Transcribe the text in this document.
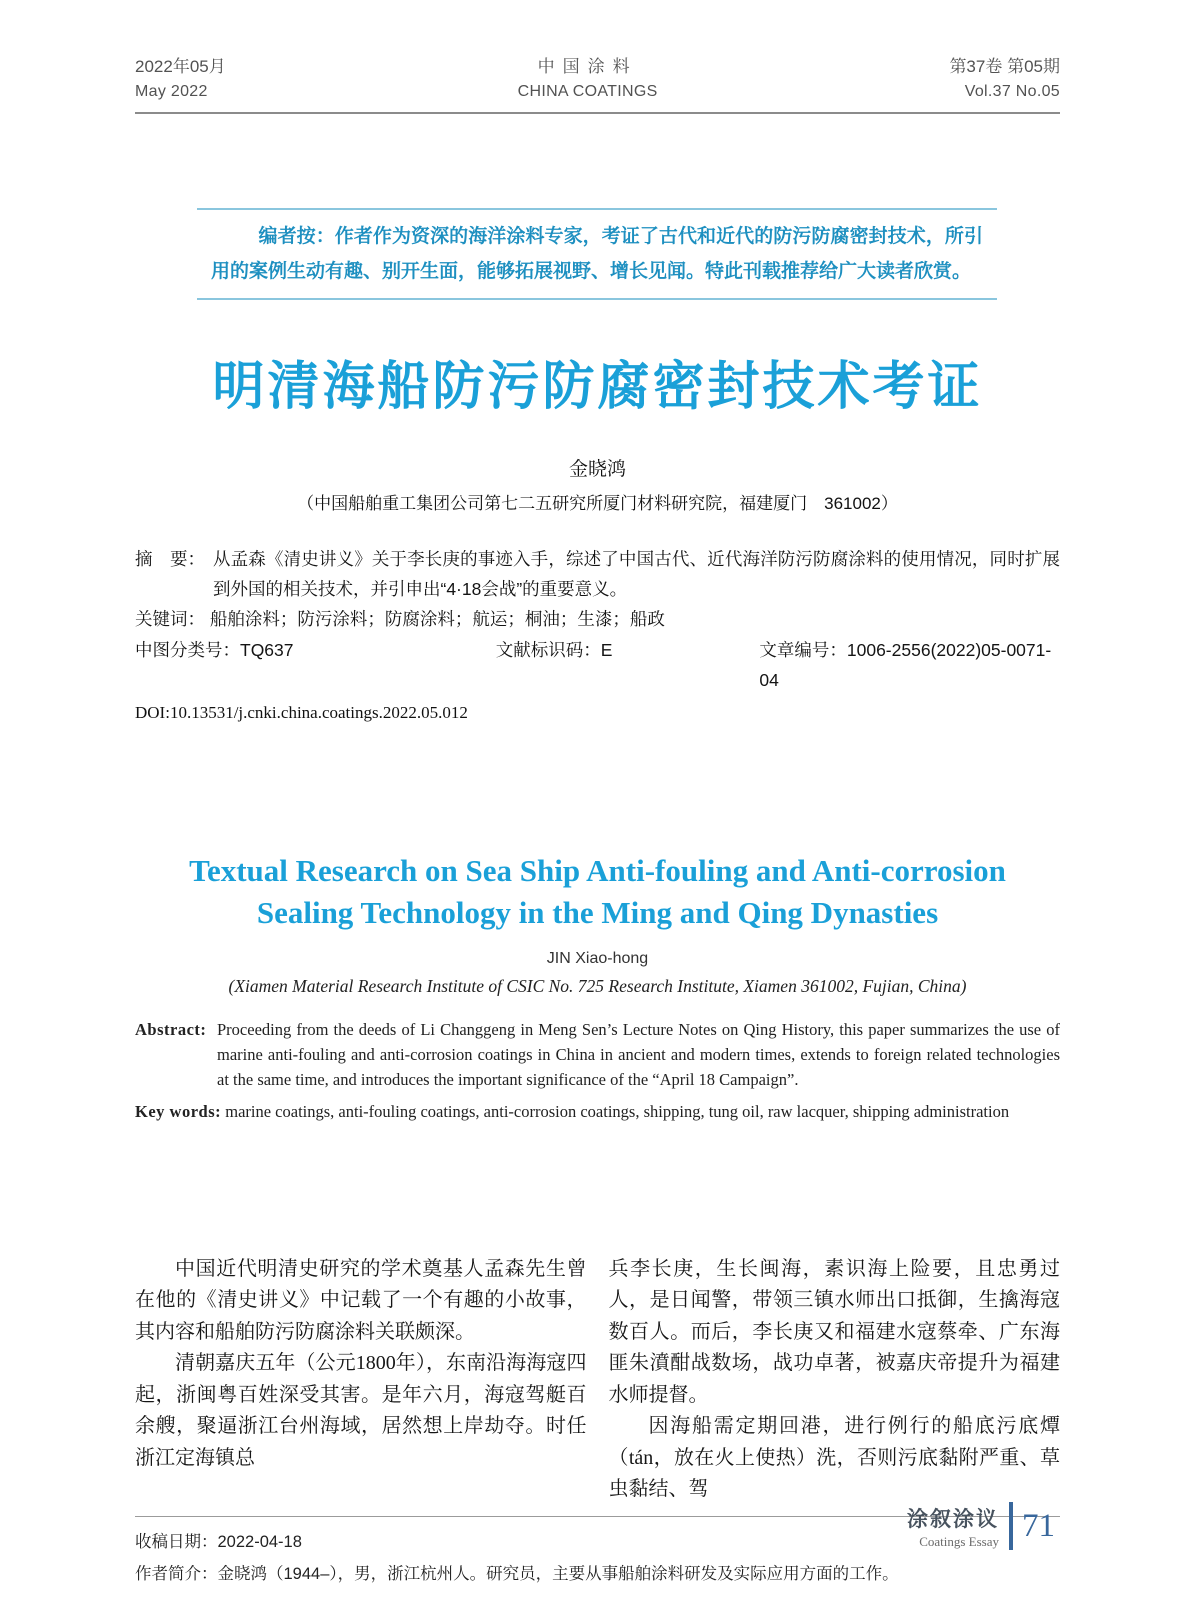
2022年05月
May 2022
中国涂料
CHINA COATINGS
第37卷 第05期
Vol.37 No.05
编者按：作者作为资深的海洋涂料专家，考证了古代和近代的防污防腐密封技术，所引用的案例生动有趣、别开生面，能够拓展视野、增长见闻。特此刊载推荐给广大读者欣赏。
明清海船防污防腐密封技术考证
金晓鸿
（中国船舶重工集团公司第七二五研究所厦门材料研究院，福建厦门　361002）
摘　要： 从孟森《清史讲义》关于李长庚的事迹入手，综述了中国古代、近代海洋防污防腐涂料的使用情况，同时扩展到外国的相关技术，并引申出“4·18会战”的重要意义。
关键词： 船舶涂料；防污涂料；防腐涂料；航运；桐油；生漆；船政
中图分类号：TQ637	文献标识码：E	文章编号：1006-2556(2022)05-0071-04
DOI:10.13531/j.cnki.china.coatings.2022.05.012
Textual Research on Sea Ship Anti-fouling and Anti-corrosion Sealing Technology in the Ming and Qing Dynasties
JIN Xiao-hong
(Xiamen Material Research Institute of CSIC No. 725 Research Institute, Xiamen 361002, Fujian, China)
Abstract: Proceeding from the deeds of Li Changgeng in Meng Sen’s Lecture Notes on Qing History, this paper summarizes the use of marine anti-fouling and anti-corrosion coatings in China in ancient and modern times, extends to foreign related technologies at the same time, and introduces the important significance of the “April 18 Campaign”.
Key words: marine coatings, anti-fouling coatings, anti-corrosion coatings, shipping, tung oil, raw lacquer, shipping administration

中国近代明清史研究的学术奠基人孟森先生曾在他的《清史讲义》中记载了一个有趣的小故事，其内容和船舶防污防腐涂料关联颇深。

清朝嘉庆五年（公元1800年），东南沿海海寇四起，浙闽粤百姓深受其害。是年六月，海寇驾艇百余艘，聚逼浙江台州海域，居然想上岸劫夺。时任浙江定海镇总

兵李长庚，生长闽海，素识海上险要，且忠勇过人，是日闻警，带领三镇水师出口抵御，生擒海寇数百人。而后，李长庚又和福建水寇蔡牵、广东海匪朱濆酣战数场，战功卓著，被嘉庆帝提升为福建水师提督。

因海船需定期回港，进行例行的船底污底燂（tán，放在火上使热）洗，否则污底黏附严重、草虫黏结、驾

收稿日期：2022-04-18
作者简介：金晓鸿（1944–），男，浙江杭州人。研究员，主要从事船舶涂料研发及实际应用方面的工作。
涂叙涂议
Coatings Essay 71
